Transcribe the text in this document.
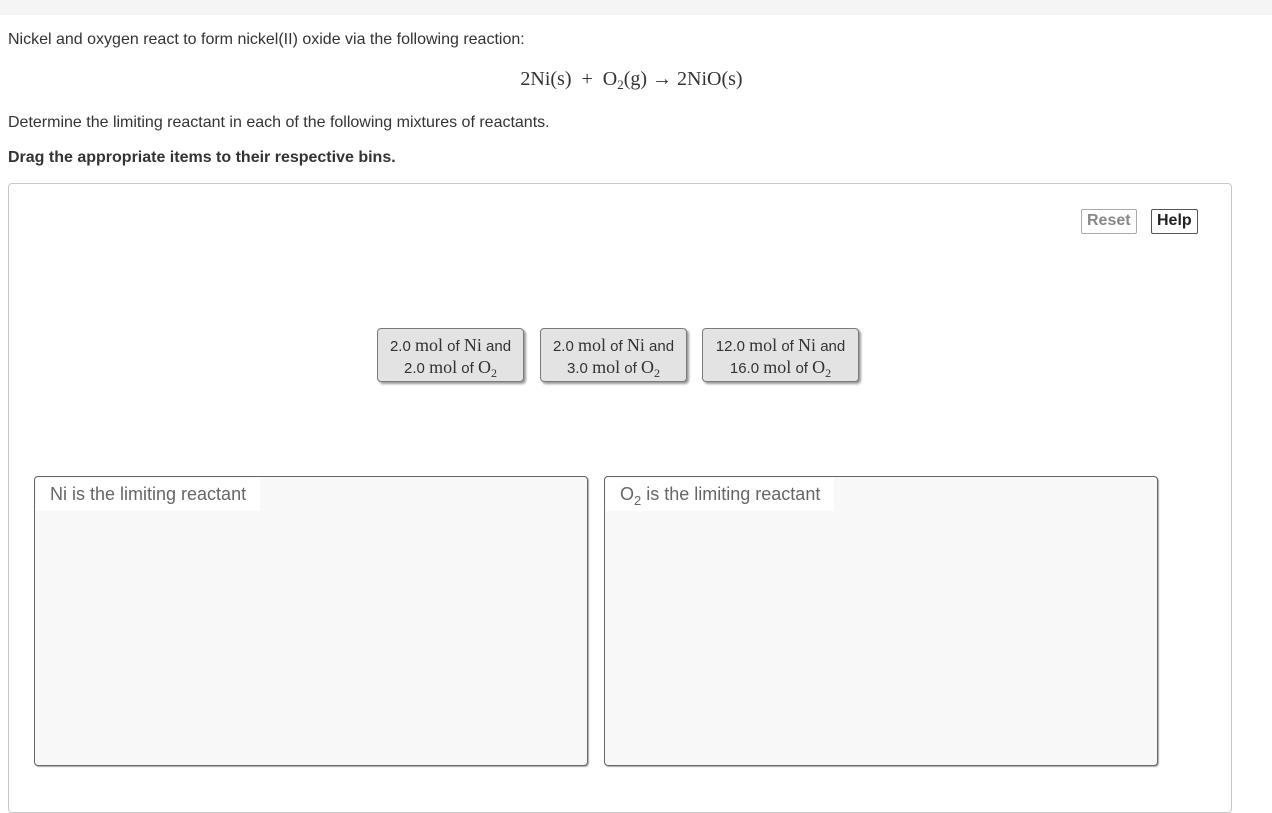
Nickel and oxygen react to form nickel(II) oxide via the following reaction:
$2Ni(s) + O_2(g) \to 2NiO(s)$
Determine the limiting reactant in each of the following mixtures of reactants.
Drag the appropriate items to their respective bins.
Reset	Help
2.0 mol of Ni and
2.0 mol of $O_2$
2.0 mol of Ni and
3.0 mol of $O_2$
12.0 mol of Ni and
16.0 mol of $O_2$
Ni is the limiting reactant	$O_2$ is the limiting reactant
